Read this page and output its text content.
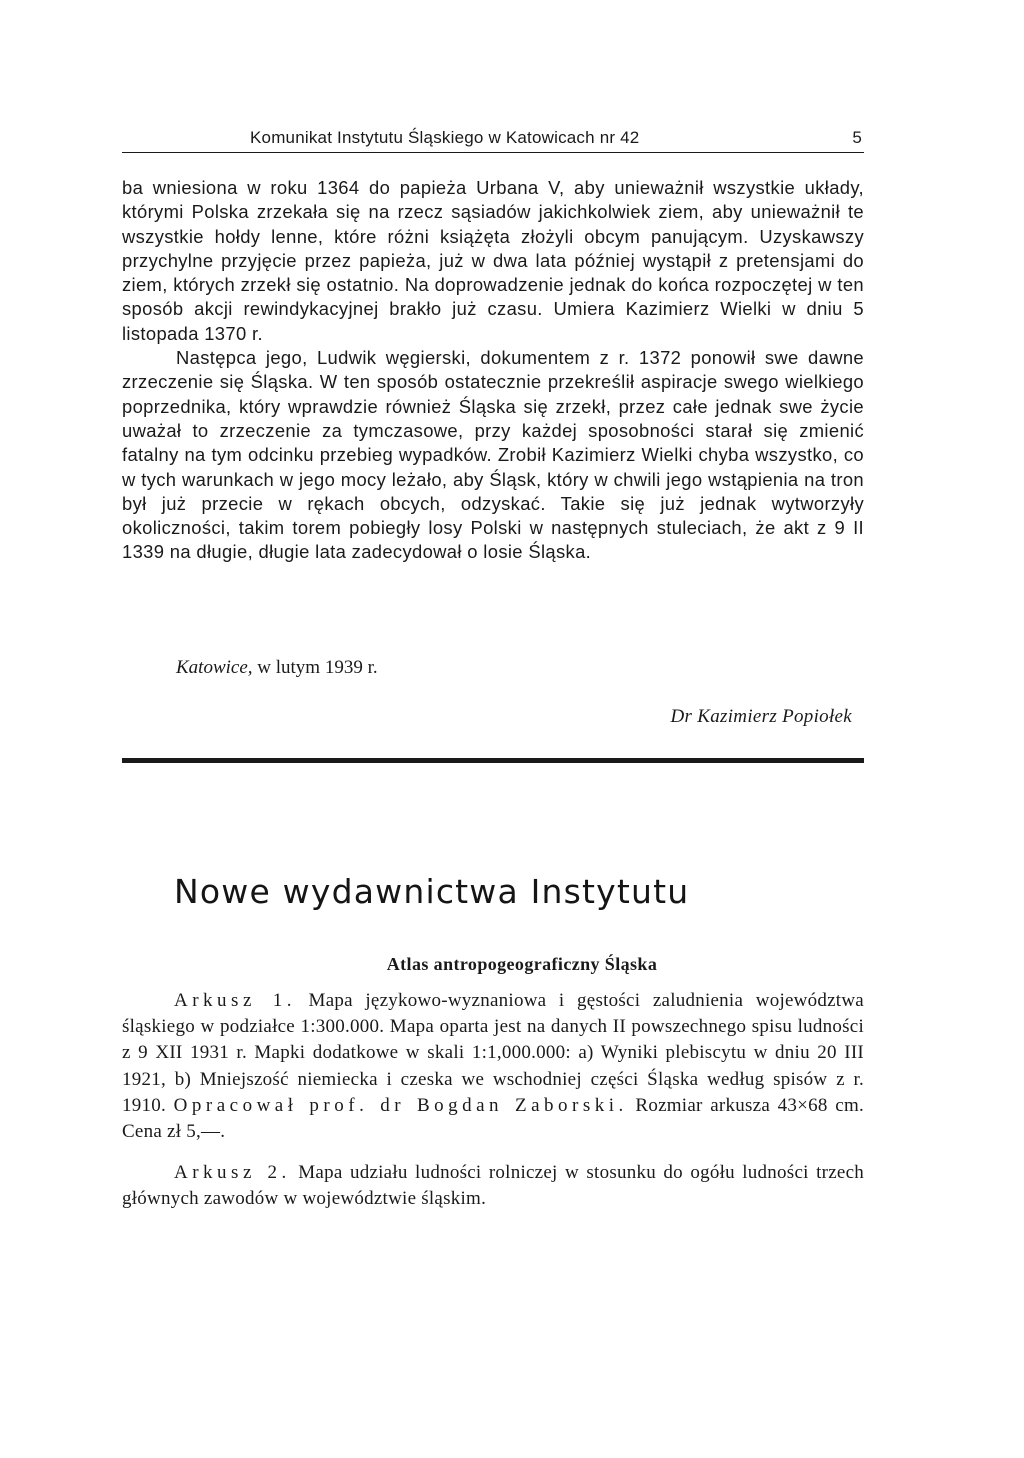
Komunikat Instytutu Śląskiego w Katowicach nr 42	5

ba wniesiona w roku 1364 do papieża Urbana V, aby unieważnił wszystkie układy, którymi Polska zrzekała się na rzecz sąsiadów jakichkolwiek ziem, aby unieważnił te wszystkie hołdy lenne, które różni książęta złożyli obcym panującym. Uzyskawszy przychylne przyjęcie przez papieża, już w dwa lata później wystąpił z pretensjami do ziem, których zrzekł się ostatnio. Na doprowadzenie jednak do końca rozpoczętej w ten sposób akcji rewindykacyjnej brakło już czasu. Umiera Kazimierz Wielki w dniu 5 listopada 1370 r.

Następca jego, Ludwik węgierski, dokumentem z r. 1372 ponowił swe dawne zrzeczenie się Śląska. W ten sposób ostatecznie przekreślił aspiracje swego wielkiego poprzednika, który wprawdzie również Śląska się zrzekł, przez całe jednak swe życie uważał to zrzeczenie za tymczasowe, przy każdej sposobności starał się zmienić fatalny na tym odcinku przebieg wypadków. Zrobił Kazimierz Wielki chyba wszystko, co w tych warunkach w jego mocy leżało, aby Śląsk, który w chwili jego wstąpienia na tron był już przecie w rękach obcych, odzyskać. Takie się już jednak wytworzyły okoliczności, takim torem pobiegły losy Polski w następnych stuleciach, że akt z 9 II 1339 na długie, długie lata zadecydował o losie Śląska.

Katowice, w lutym 1939 r.
Dr Kazimierz Popiołek
Nowe wydawnictwa Instytutu
Atlas antropogeograficzny Śląska

Arkusz 1. Mapa językowo-wyznaniowa i gęstości zaludnienia województwa śląskiego w podziałce 1:300.000. Mapa oparta jest na danych II powszechnego spisu ludności z 9 XII 1931 r. Mapki dodatkowe w skali 1:1,000.000: a) Wyniki plebiscytu w dniu 20 III 1921, b) Mniejszość niemiecka i czeska we wschodniej części Śląska według spisów z r. 1910. Opracował prof. dr Bogdan Zaborski. Rozmiar arkusza 43×68 cm. Cena zł 5,—.

Arkusz 2. Mapa udziału ludności rolniczej w stosunku do ogółu ludności trzech głównych zawodów w województwie śląskim.
